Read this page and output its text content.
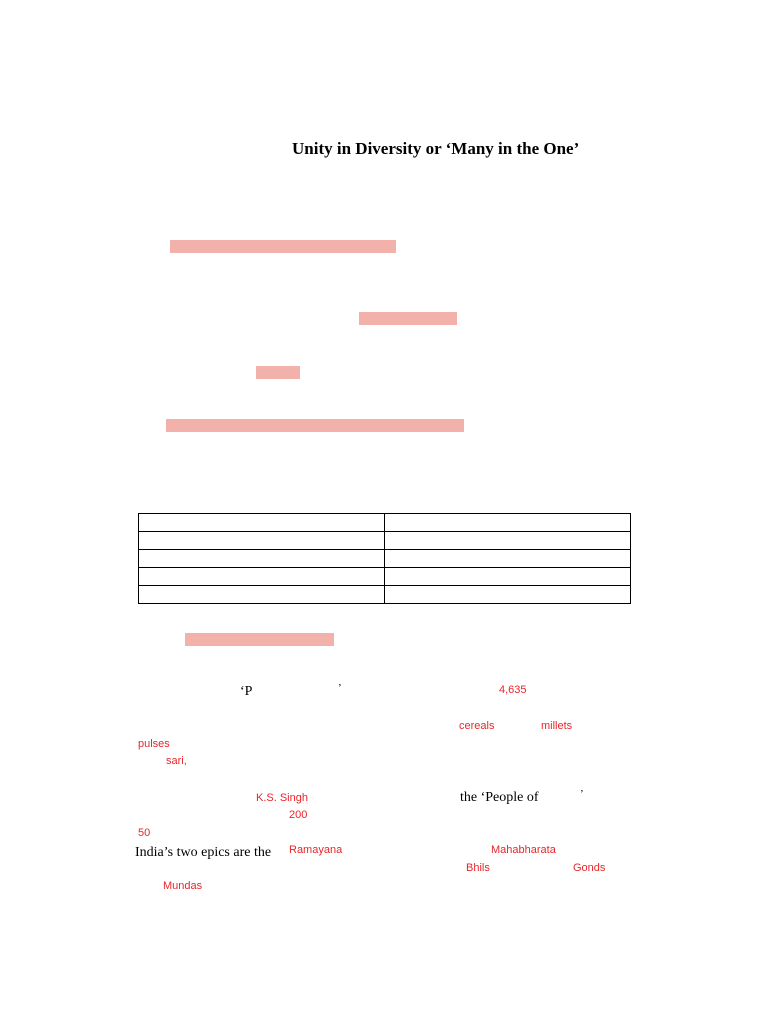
Unity in Diversity or ‘Many in the One’

‘P	’	4,635
cereals	millets
pulses
sari,
K.S. Singh	the ‘People of	’
200
50
India’s two epics are the Ramayana	Mahabharata
Bhils	Gonds
Mundas
